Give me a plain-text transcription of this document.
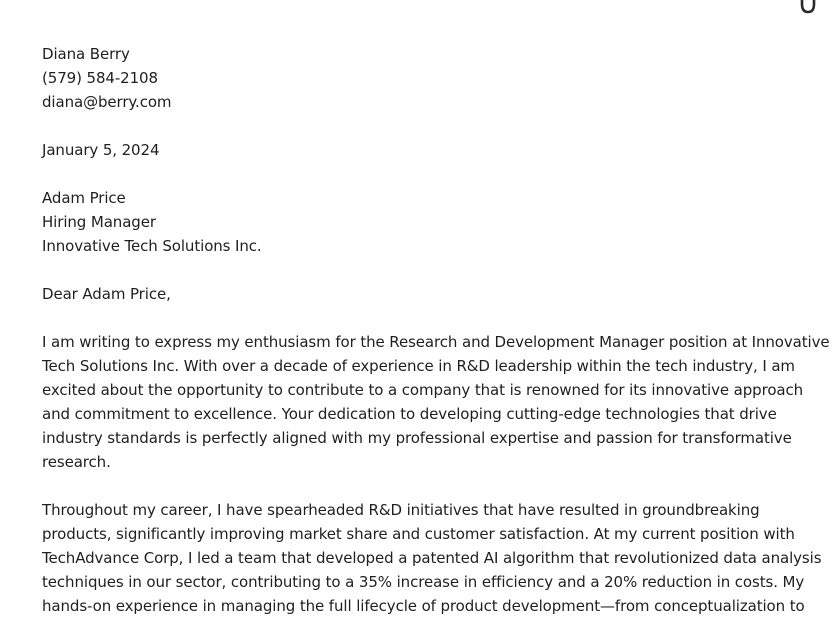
Diana Berry
(579) 584-2108
diana@berry.com
January 5, 2024
Adam Price
Hiring Manager
Innovative Tech Solutions Inc.
Dear Adam Price,
I am writing to express my enthusiasm for the Research and Development Manager position at Innovative
Tech Solutions Inc. With over a decade of experience in R&D leadership within the tech industry, I am
excited about the opportunity to contribute to a company that is renowned for its innovative approach
and commitment to excellence. Your dedication to developing cutting-edge technologies that drive
industry standards is perfectly aligned with my professional expertise and passion for transformative
research.
Throughout my career, I have spearheaded R&D initiatives that have resulted in groundbreaking
products, significantly improving market share and customer satisfaction. At my current position with
TechAdvance Corp, I led a team that developed a patented AI algorithm that revolutionized data analysis
techniques in our sector, contributing to a 35% increase in efficiency and a 20% reduction in costs. My
hands-on experience in managing the full lifecycle of product development—from conceptualization to
